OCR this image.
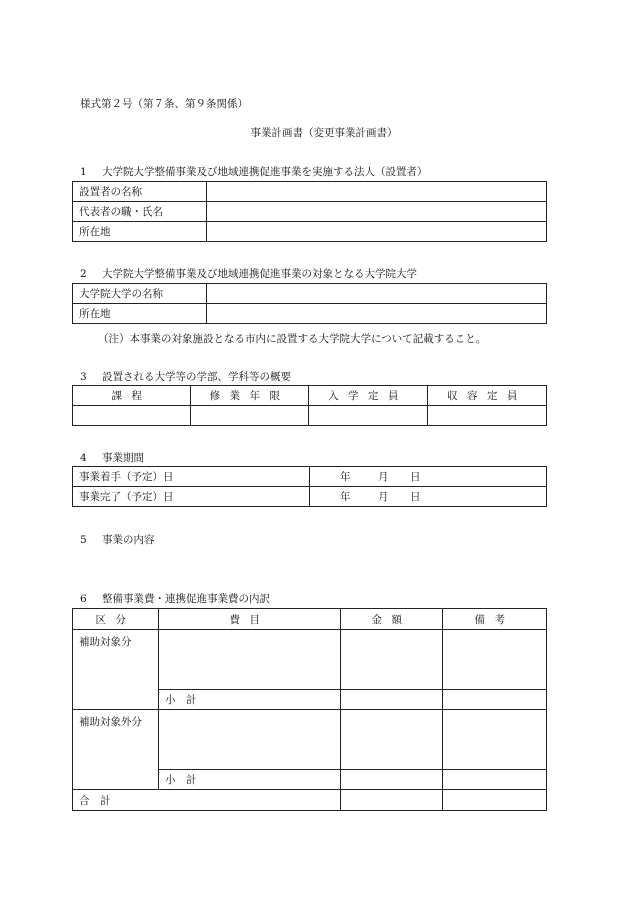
様式第２号（第７条、第９条関係）
事業計画書（変更事業計画書）
1 大学院大学整備事業及び地域連携促進事業を実施する法人（設置者）
設置者の名称	
代表者の職・氏名	
所在地	
2 大学院大学整備事業及び地域連携促進事業の対象となる大学院大学
大学院大学の名称	
所在地	
（注）本事業の対象施設となる市内に設置する大学院大学について記載すること。
3 設置される大学等の学部、学科等の概要
課程	修業年限	入学定員	収容定員

4 事業期間
事業着手（予定）日	年 月 日
事業完了（予定）日	年 月 日
5 事業の内容
6 整備事業費・連携促進事業費の内訳
区分	費目	金額	備考
補助対象分			
	小　計		
補助対象外分			
	小　計		
合　計			
